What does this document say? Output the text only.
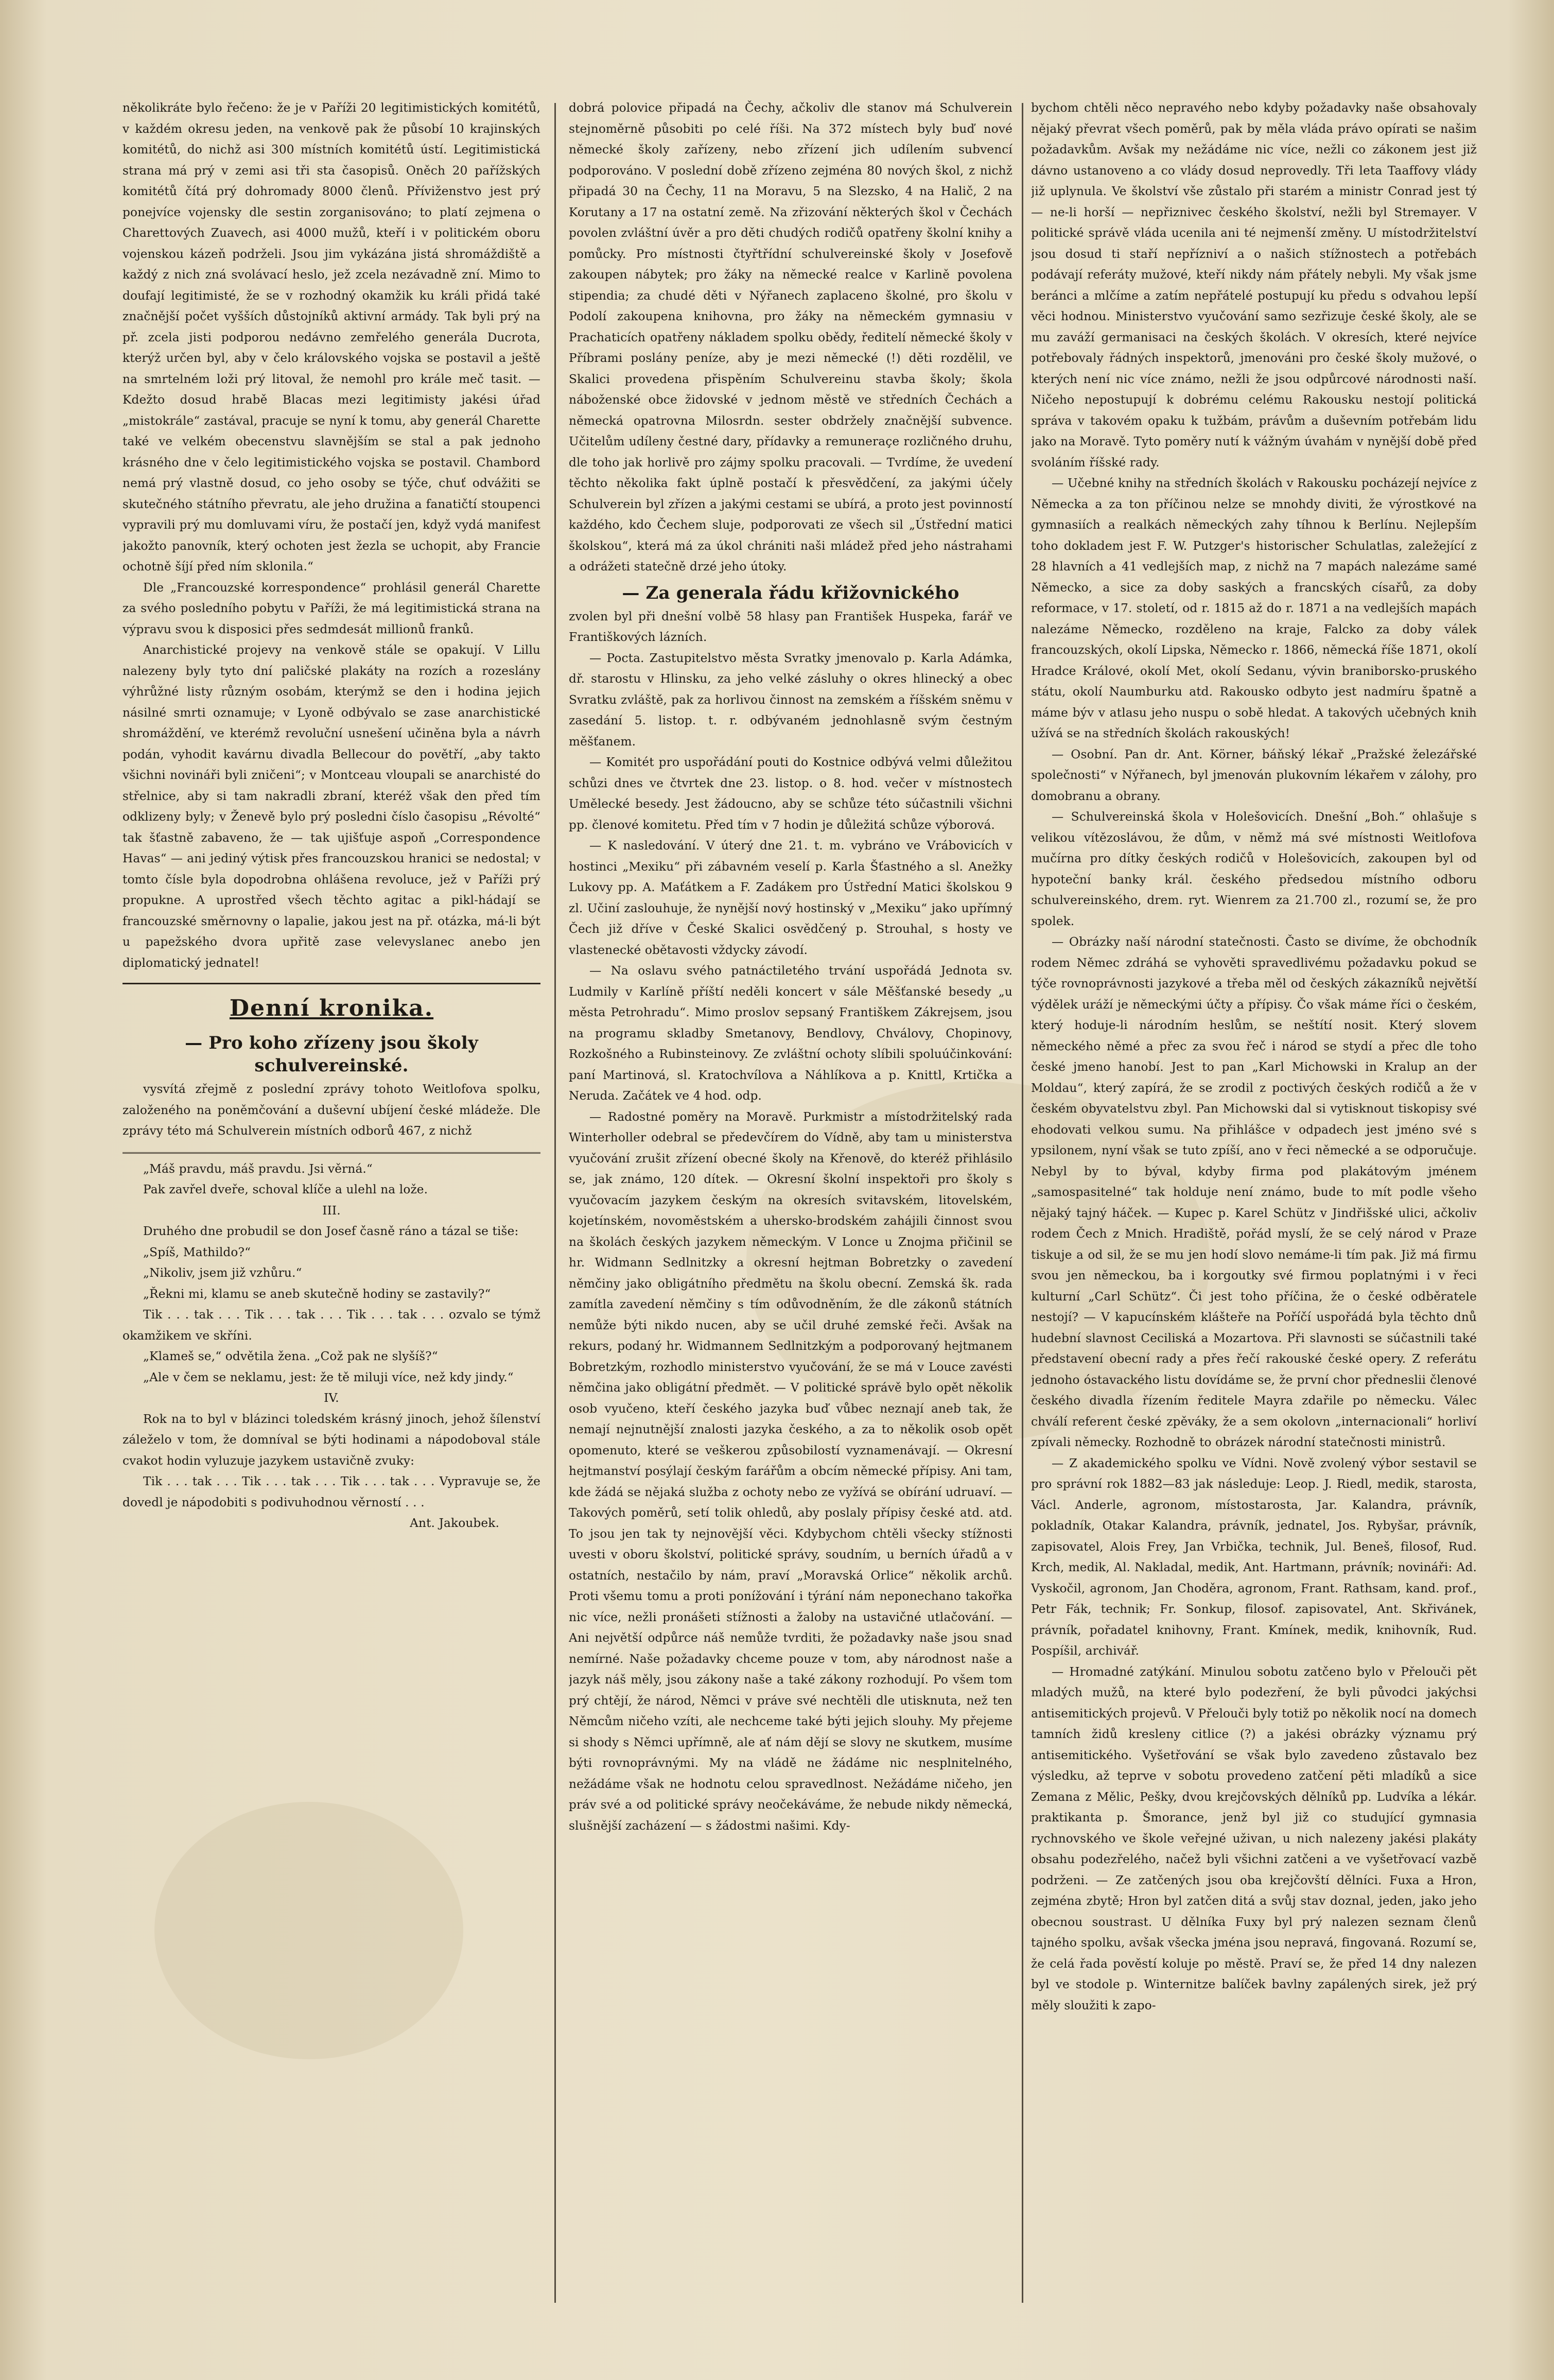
několikráte bylo řečeno: že je v Paříži 20 legitimistických komitétů, v každém okresu jeden, na venkově pak že působí 10 krajinských komitétů, do nichž asi 300 místních komitétů ústí. Legitimistická strana má prý v zemi asi tři sta časopisů. Oněch 20 pařížských komitétů čítá prý dohromady 8000 členů. Příviženstvo jest prý ponejvíce vojensky dle sestin zorganisováno; to platí zejmena o Charettových Zuavech, asi 4000 mužů, kteří i v politickém oboru vojenskou kázeň podrželi. Jsou jim vykázána jistá shromáždiště a každý z nich zná svolávací heslo, jež zcela nezávadně zní. Mimo to doufají legitimisté, že se v rozhodný okamžik ku králi přidá také značnější počet vyšších důstojníků aktivní armády. Tak byli prý na př. zcela jisti podporou nedávno zemřelého generála Ducrota, kterýž určen byl, aby v čelo královského vojska se postavil a ještě na smrtelném loži prý litoval, že nemohl pro krále meč tasit. — Kdežto dosud hrabě Blacas mezi legitimisty jakési úřad „mistokrále“ zastával, pracuje se nyní k tomu, aby generál Charette také ve velkém obecenstvu slavnějším se stal a pak jednoho krásného dne v čelo legitimistického vojska se postavil. Chambord nemá prý vlastně dosud, co jeho osoby se týče, chuť odvážiti se skutečného státního převratu, ale jeho družina a fanatičtí stoupenci vypravili prý mu domluvami víru, že postačí jen, když vydá manifest jakožto panovník, který ochoten jest žezla se uchopit, aby Francie ochotně šíjí před ním sklonila.“

Dle „Francouzské korrespondence“ prohlásil generál Charette za svého posledního pobytu v Paříži, že má legitimistická strana na výpravu svou k disposici přes sedmdesát millionů franků.

Anarchistické projevy na venkově stále se opakují. V Lillu nalezeny byly tyto dní paličské plakáty na rozích a rozeslány výhrůžné listy různým osobám, kterýmž se den i hodina jejich násilné smrti oznamuje; v Lyoně odbývalo se zase anarchistické shromáždění, ve kterémž revoluční usnešení učiněna byla a návrh podán, vyhodit kavárnu divadla Bellecour do povětří, „aby takto všichni novináři byli zničeni“; v Montceau vloupali se anarchisté do střelnice, aby si tam nakradli zbraní, kteréž však den před tím odklizeny byly; v Ženevě bylo prý posledni číslo časopisu „Révolté“ tak šťastně zabaveno, že — tak ujišťuje aspoň „Correspondence Havas“ — ani jediný výtisk přes francouzskou hranici se nedostal; v tomto čísle byla dopodrobna ohlášena revoluce, jež v Paříži prý propukne. A uprostřed všech těchto agitac a pikl-hádají se francouzské směrnovny o lapalie, jakou jest na př. otázka, má-li být u papežského dvora upřitě zase velevyslanec anebo jen diplomatický jednatel!

Denní kronika.
— Pro koho zřízeny jsou školy schulvereinské.

vysvítá zřejmě z poslední zprávy tohoto Weitlofova spolku, založeného na poněmčování a duševní ubíjení české mládeže. Dle zprávy této má Schulverein místních odborů 467, z nichž

„Máš pravdu, máš pravdu. Jsi věrná.“

Pak zavřel dveře, schoval klíče a ulehl na lože.

III.

Druhého dne probudil se don Josef časně ráno a tázal se tiše:

„Spíš, Mathildo?“

„Nikoliv, jsem již vzhůru.“

„Řekni mi, klamu se aneb skutečně hodiny se zastavily?“

Tik . . . tak . . . Tik . . . tak . . . Tik . . . tak . . . ozvalo se týmž okamžikem ve skříni.

„Klameš se,“ odvětila žena. „Což pak ne slyšíš?“

„Ale v čem se neklamu, jest: že tě miluji více, než kdy jindy.“

IV.

Rok na to byl v blázinci toledském krásný jinoch, jehož šílenství záleželo v tom, že domníval se býti hodinami a nápodoboval stále cvakot hodin vyluzuje jazykem ustavičně zvuky:

Tik . . . tak . . . Tik . . . tak . . . Tik . . . tak . . . Vypravuje se, že dovedl je nápodobiti s podivuhodnou věrností . . .

Ant. Jakoubek.

dobrá polovice připadá na Čechy, ačkoliv dle stanov má Schulverein stejnoměrně působiti po celé říši. Na 372 místech byly buď nové německé školy zařízeny, nebo zřízení jich udílením subvencí podporováno. V poslední době zřízeno zejména 80 nových škol, z nichž připadá 30 na Čechy, 11 na Moravu, 5 na Slezsko, 4 na Halič, 2 na Korutany a 17 na ostatní země. Na zřizování některých škol v Čechách povolen zvláštní úvěr a pro děti chudých rodičů opatřeny školní knihy a pomůcky. Pro místnosti čtyřtřídní schulvereinské školy v Josefově zakoupen nábytek; pro žáky na německé realce v Karlině povolena stipendia; za chudé děti v Nýřanech zaplaceno školné, pro školu v Podolí zakoupena knihovna, pro žáky na německém gymnasiu v Prachaticích opatřeny nákladem spolku obědy, ředitelí německé školy v Příbrami poslány peníze, aby je mezi německé (!) děti rozdělil, ve Skalici provedena přispěním Schulvereinu stavba školy; škola náboženské obce židovské v jednom městě ve středních Čechách a německá opatrovna Milosrdn. sester obdržely značnější subvence. Učitelům udíleny čestné dary, přídavky a remuneraçe rozličného druhu, dle toho jak horlivě pro zájmy spolku pracovali. — Tvrdíme, že uvedení těchto několika fakt úplně postačí k přesvědčení, za jakými účely Schulverein byl zřízen a jakými cestami se ubírá, a proto jest povinností každého, kdo Čechem sluje, podporovati ze všech sil „Ústřední matici školskou“, která má za úkol chrániti naši mládež před jeho nástrahami a odrážeti statečně drzé jeho útoky.

— Za generala řádu křižovnického

zvolen byl při dnešní volbě 58 hlasy pan František Huspeka, farář ve Františkových lázních.

— Pocta. Zastupitelstvo města Svratky jmenovalo p. Karla Adámka, dř. starostu v Hlinsku, za jeho velké zásluhy o okres hlinecký a obec Svratku zvláště, pak za horlivou činnost na zemském a říšském sněmu v zasedání 5. listop. t. r. odbývaném jednohlasně svým čestným měšťanem.

— Komitét pro uspořádání pouti do Kostnice odbývá velmi důležitou schůzi dnes ve čtvrtek dne 23. listop. o 8. hod. večer v místnostech Umělecké besedy. Jest žádoucno, aby se schůze této súčastnili všichni pp. členové komitetu. Před tím v 7 hodin je důležitá schůze výborová.

— K nasledování. V úterý dne 21. t. m. vybráno ve Vrábovicích v hostinci „Mexiku“ při zábavném veselí p. Karla Šťastného a sl. Anežky Lukovy pp. A. Maťátkem a F. Zadákem pro Ústřední Matici školskou 9 zl. Učiní zaslouhuje, že nynější nový hostinský v „Mexiku“ jako upřímný Čech již dříve v České Skalici osvědčený p. Strouhal, s hosty ve vlastenecké obětavosti vždycky závodí.

— Na oslavu svého patnáctiletého trvání uspořádá Jednota sv. Ludmily v Karlíně příští neděli koncert v sále Měšťanské besedy „u města Petrohradu“. Mimo proslov sepsaný Františkem Zákrejsem, jsou na programu skladby Smetanovy, Bendlovy, Chválovy, Chopinovy, Rozkošného a Rubinsteinovy. Ze zvláštní ochoty slíbili spoluúčinkování: paní Martinová, sl. Kratochvílova a Náhlíkova a p. Knittl, Krtička a Neruda. Začátek ve 4 hod. odp.

— Radostné poměry na Moravě. Purkmistr a místodržitelský rada Winterholler odebral se předevčírem do Vídně, aby tam u ministerstva vyučování zrušit zřízení obecné školy na Křenově, do kteréž přihlásilo se, jak známo, 120 dítek. — Okresní školní inspektoři pro školy s vyučovacím jazykem českým na okresích svitavském, litovelském, kojetínském, novoměstském a uhersko-brodském zahájili činnost svou na školách českých jazykem německým. V Lonce u Znojma přičinil se hr. Widmann Sedlnitzky a okresní hejtman Bobretzky o zavedení němčiny jako obligátního předmětu na školu obecní. Zemská šk. rada zamítla zavedení němčiny s tím odůvodněním, že dle zákonů státních nemůže býti nikdo nucen, aby se učil druhé zemské řeči. Avšak na rekurs, podaný hr. Widmannem Sedlnitzkým a podporovaný hejtmanem Bobretzkým, rozhodlo ministerstvo vyučování, že se má v Louce zavésti němčina jako obligátní předmět. — V politické správě bylo opět několik osob vyučeno, kteří českého jazyka buď vůbec neznají aneb tak, že nemají nejnutnější znalosti jazyka českého, a za to několik osob opět opomenuto, které se veškerou způsobilostí vyznamenávají. — Okresní hejtmanství posýlají českým farářům a obcím německé přípisy. Ani tam, kde žádá se nějaká služba z ochoty nebo ze vyžívá se obírání udruaví. — Takových poměrů, setí tolik ohledů, aby poslaly přípisy české atd. atd. To jsou jen tak ty nejnovější věci. Kdybychom chtěli všecky stížnosti uvesti v oboru školství, politické správy, soudním, u berních úřadů a v ostatních, nestačilo by nám, praví „Moravská Orlice“ několik archů. Proti všemu tomu a proti ponížování i týrání nám neponechano takořka nic více, nežli pronášeti stížnosti a žaloby na ustavičné utlačování. — Ani největší odpůrce náš nemůže tvrditi, že požadavky naše jsou snad nemírné. Naše požadavky chceme pouze v tom, aby národnost naše a jazyk náš měly, jsou zákony naše a také zákony rozhodují. Po všem tom prý chtějí, že národ, Němci v práve své nechtěli dle utisknuta, než ten Němcům ničeho vzíti, ale nechceme také býti jejich slouhy. My přejeme si shody s Němci upřímně, ale ať nám dějí se slovy ne skutkem, musíme býti rovnoprávnými. My na vládě ne žádáme nic nesplnitelného, nežádáme však ne hodnotu celou spravedlnost. Nežádáme ničeho, jen práv své a od politické správy neočekáváme, že nebude nikdy německá, slušnější zacházení — s žádostmi našimi. Kdy-

bychom chtěli něco nepravého nebo kdyby požadavky naše obsahovaly nějaký převrat všech poměrů, pak by měla vláda právo opírati se našim požadavkům. Avšak my nežádáme nic více, nežli co zákonem jest již dávno ustanoveno a co vlády dosud neprovedly. Tři leta Taaffovy vlády již uplynula. Ve školství vše zůstalo při starém a ministr Conrad jest tý — ne-li horší — nepřiznivec českého školství, nežli byl Stremayer. V politické správě vláda ucenila ani té nejmenší změny. U místodržitelství jsou dosud ti staří nepřízniví a o našich stížnostech a potřebách podávají referáty mužové, kteří nikdy nám přátely nebyli. My však jsme beránci a mlčíme a zatím nepřátelé postupují ku předu s odvahou lepší věci hodnou. Ministerstvo vyučování samo sezřizuje české školy, ale se mu zaváží germanisaci na českých školách. V okresích, které nejvíce potřebovaly řádných inspektorů, jmenováni pro české školy mužové, o kterých není nic více známo, nežli že jsou odpůrcové národnosti naší. Ničeho nepostupují k dobrému celému Rakousku nestojí politická správa v takovém opaku k tužbám, právům a duševním potřebám lidu jako na Moravě. Tyto poměry nutí k vážným úvahám v nynější době před svoláním říšské rady.

— Učebné knihy na středních školách v Rakousku pocházejí nejvíce z Německa a za ton příčinou nelze se mnohdy diviti, že výrostkové na gymnasiích a realkách německých zahy tíhnou k Berlínu. Nejlepším toho dokladem jest F. W. Putzger's historischer Schulatlas, zaležející z 28 hlavních a 41 vedlejších map, z nichž na 7 mapách nalezáme samé Německo, a sice za doby saských a francských císařů, za doby reformace, v 17. století, od r. 1815 až do r. 1871 a na vedlejších mapách nalezáme Německo, rozděleno na kraje, Falcko za doby válek francouzských, okolí Lipska, Německo r. 1866, německá říše 1871, okolí Hradce Králové, okolí Met, okolí Sedanu, vývin braniborsko-pruského státu, okolí Naumburku atd. Rakousko odbyto jest nadmíru špatně a máme býv v atlasu jeho nuspu o sobě hledat. A takových učebných knih užívá se na středních školách rakouských!

— Osobní. Pan dr. Ant. Körner, báňský lékař „Pražské železářské společnosti“ v Nýřanech, byl jmenován plukovním lékařem v zálohy, pro domobranu a obrany.

— Schulvereinská škola v Holešovicích. Dnešní „Boh.“ ohlašuje s velikou vítězoslávou, že dům, v němž má své místnosti Weitlofova mučírna pro dítky českých rodičů v Holešovicích, zakoupen byl od hypoteční banky král. českého předsedou místního odboru schulvereinského, drem. ryt. Wienrem za 21.700 zl., rozumí se, že pro spolek.

— Obrázky naší národní statečnosti. Často se divíme, že obchodník rodem Němec zdráhá se vyhověti spravedlivému požadavku pokud se týče rovnoprávnosti jazykové a třeba měl od českých zákazníků největší výdělek uráží je německými účty a přípisy. Čo však máme říci o českém, který hoduje-li národním heslům, se neštítí nosit. Který slovem německého němé a přec za svou řeč i národ se stydí a přec dle toho české jmeno hanobí. Jest to pan „Karl Michowski in Kralup an der Moldau“, který zapírá, že se zrodil z poctivých českých rodičů a že v českém obyvatelstvu zbyl. Pan Michowski dal si vytisknout tiskopisy své ehodovati velkou sumu. Na přihlášce v odpadech jest jméno své s ypsilonem, nyní však se tuto zpíší, ano v řeci německé a se odporučuje. Nebyl by to býval, kdyby firma pod plakátovým jménem „samospasitelné“ tak holduje není známo, bude to mít podle všeho nějaký tajný háček. — Kupec p. Karel Schütz v Jindřišské ulici, ačkoliv rodem Čech z Mnich. Hradiště, pořád myslí, že se celý národ v Praze tiskuje a od sil, že se mu jen hodí slovo nemáme-li tím pak. Již má firmu svou jen německou, ba i korgoutky své firmou poplatnými i v řeci kulturní „Carl Schütz“. Či jest toho příčina, že o české odběratele nestojí? — V kapucínském klášteře na Poříčí uspořádá byla těchto dnů hudební slavnost Ceciliská a Mozartova. Při slavnosti se súčastnili také představení obecní rady a přes řečí rakouské české opery. Z referátu jednoho óstavackého listu dovídáme se, že první chor předneslii členové českého divadla řízením ředitele Mayra zdařile po německu. Válec chválí referent české zpěváky, že a sem okolovn „internacionali“ horliví zpívali německy. Rozhodně to obrázek národní statečnosti ministrů.

— Z akademického spolku ve Vídni. Nově zvolený výbor sestavil se pro správní rok 1882—83 jak následuje: Leop. J. Riedl, medik, starosta, Václ. Anderle, agronom, místostarosta, Jar. Kalandra, právník, pokladník, Otakar Kalandra, právník, jednatel, Jos. Rybyšar, právník, zapisovatel, Alois Frey, Jan Vrbička, technik, Jul. Beneš, filosof, Rud. Krch, medik, Al. Nakladal, medik, Ant. Hartmann, právník; novináři: Ad. Vyskočil, agronom, Jan Choděra, agronom, Frant. Rathsam, kand. prof., Petr Fák, technik; Fr. Sonkup, filosof. zapisovatel, Ant. Skřivánek, právník, pořadatel knihovny, Frant. Kmínek, medik, knihovník, Rud. Pospíšil, archivář.

— Hromadné zatýkání. Minulou sobotu zatčeno bylo v Přelouči pět mladých mužů, na které bylo podezření, že byli původci jakýchsi antisemitických projevů. V Přelouči byly totiž po několik nocí na domech tamních židů kresleny citlice (?) a jakési obrázky významu prý antisemitického. Vyšetřování se však bylo zavedeno zůstavalo bez výsledku, až teprve v sobotu provedeno zatčení pěti mladíků a sice Zemana z Mělic, Pešky, dvou krejčovských dělníků pp. Ludvíka a lékár. praktikanta p. Šmorance, jenž byl již co studující gymnasia rychnovského ve škole veřejné uživan, u nich nalezeny jakési plakáty obsahu podezřelého, načež byli všichni zatčeni a ve vyšetřovací vazbě podrženi. — Ze zatčených jsou oba krejčovští dělníci. Fuxa a Hron, zejména zbytě; Hron byl zatčen ditá a svůj stav doznal, jeden, jako jeho obecnou soustrast. U dělníka Fuxy byl prý nalezen seznam členů tajného spolku, avšak všecka jména jsou nepravá, fingovaná. Rozumí se, že celá řada pověstí koluje po městě. Praví se, že před 14 dny nalezen byl ve stodole p. Winternitze balíček bavlny zapálených sirek, jež prý měly sloužiti k zapo-
